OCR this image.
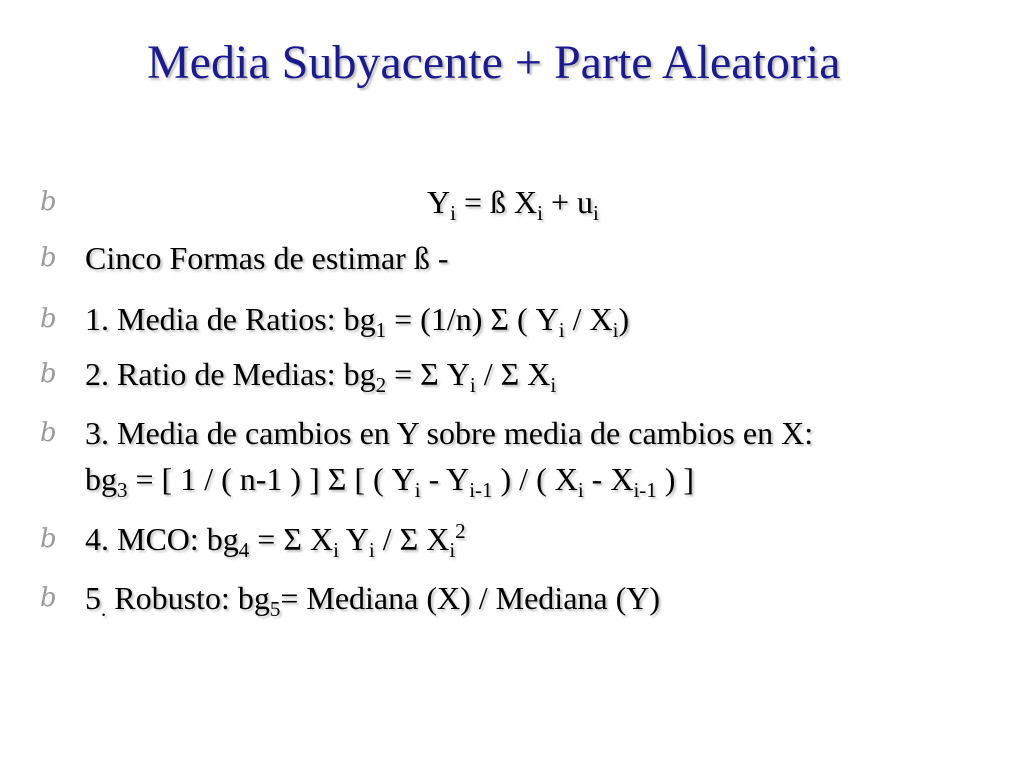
Media Subyacente + Parte Aleatoria
b	$Y_i$ = ß $X_i + u_i$
b Cinco Formas de estimar ß -
b 1. Media de Ratios: $bg_1 = (1/n)$ Σ ( $Y_i / X_i$)
b 2. Ratio de Medias: $bg_2 = \Sigma$ $Y_i$ / Σ $X_i$
b 3. Media de cambios en Y sobre media de cambios en X:
$bg_3$ = [ 1 / ( n-1 ) ] Σ [ ( $Y_i - Y_{i-1}$ ) / ( $X_i - X_{i-1}$ ) ]
b 4. MCO: $bg_4 = \Sigma$ $X_i$ $Y_i$ / Σ $X_i^2$
b $5_.$ Robusto: $bg_5=$ Mediana (X) / Mediana (Y)
